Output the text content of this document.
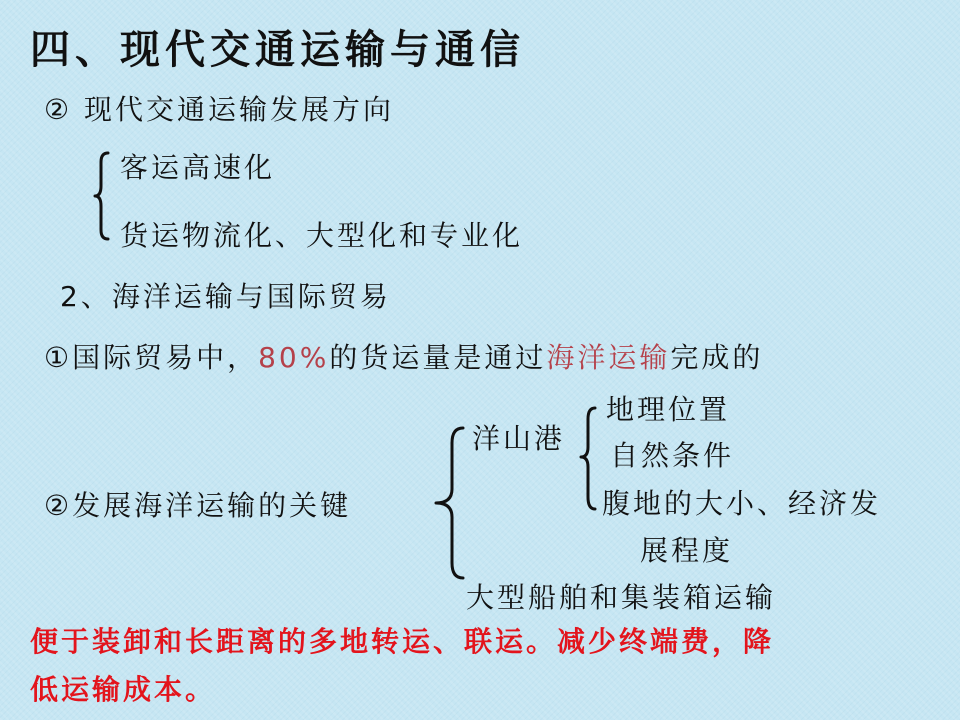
四、现代交通运输与通信
② 现代交通运输发展方向
客运高速化
货运物流化、大型化和专业化
2、海洋运输与国际贸易
①国际贸易中，80%的货运量是通过海洋运输完成的
②发展海洋运输的关键
洋山港
地理位置
自然条件
腹地的大小、经济发
展程度
大型船舶和集装箱运输
便于装卸和长距离的多地转运、联运。减少终端费，降
低运输成本。
